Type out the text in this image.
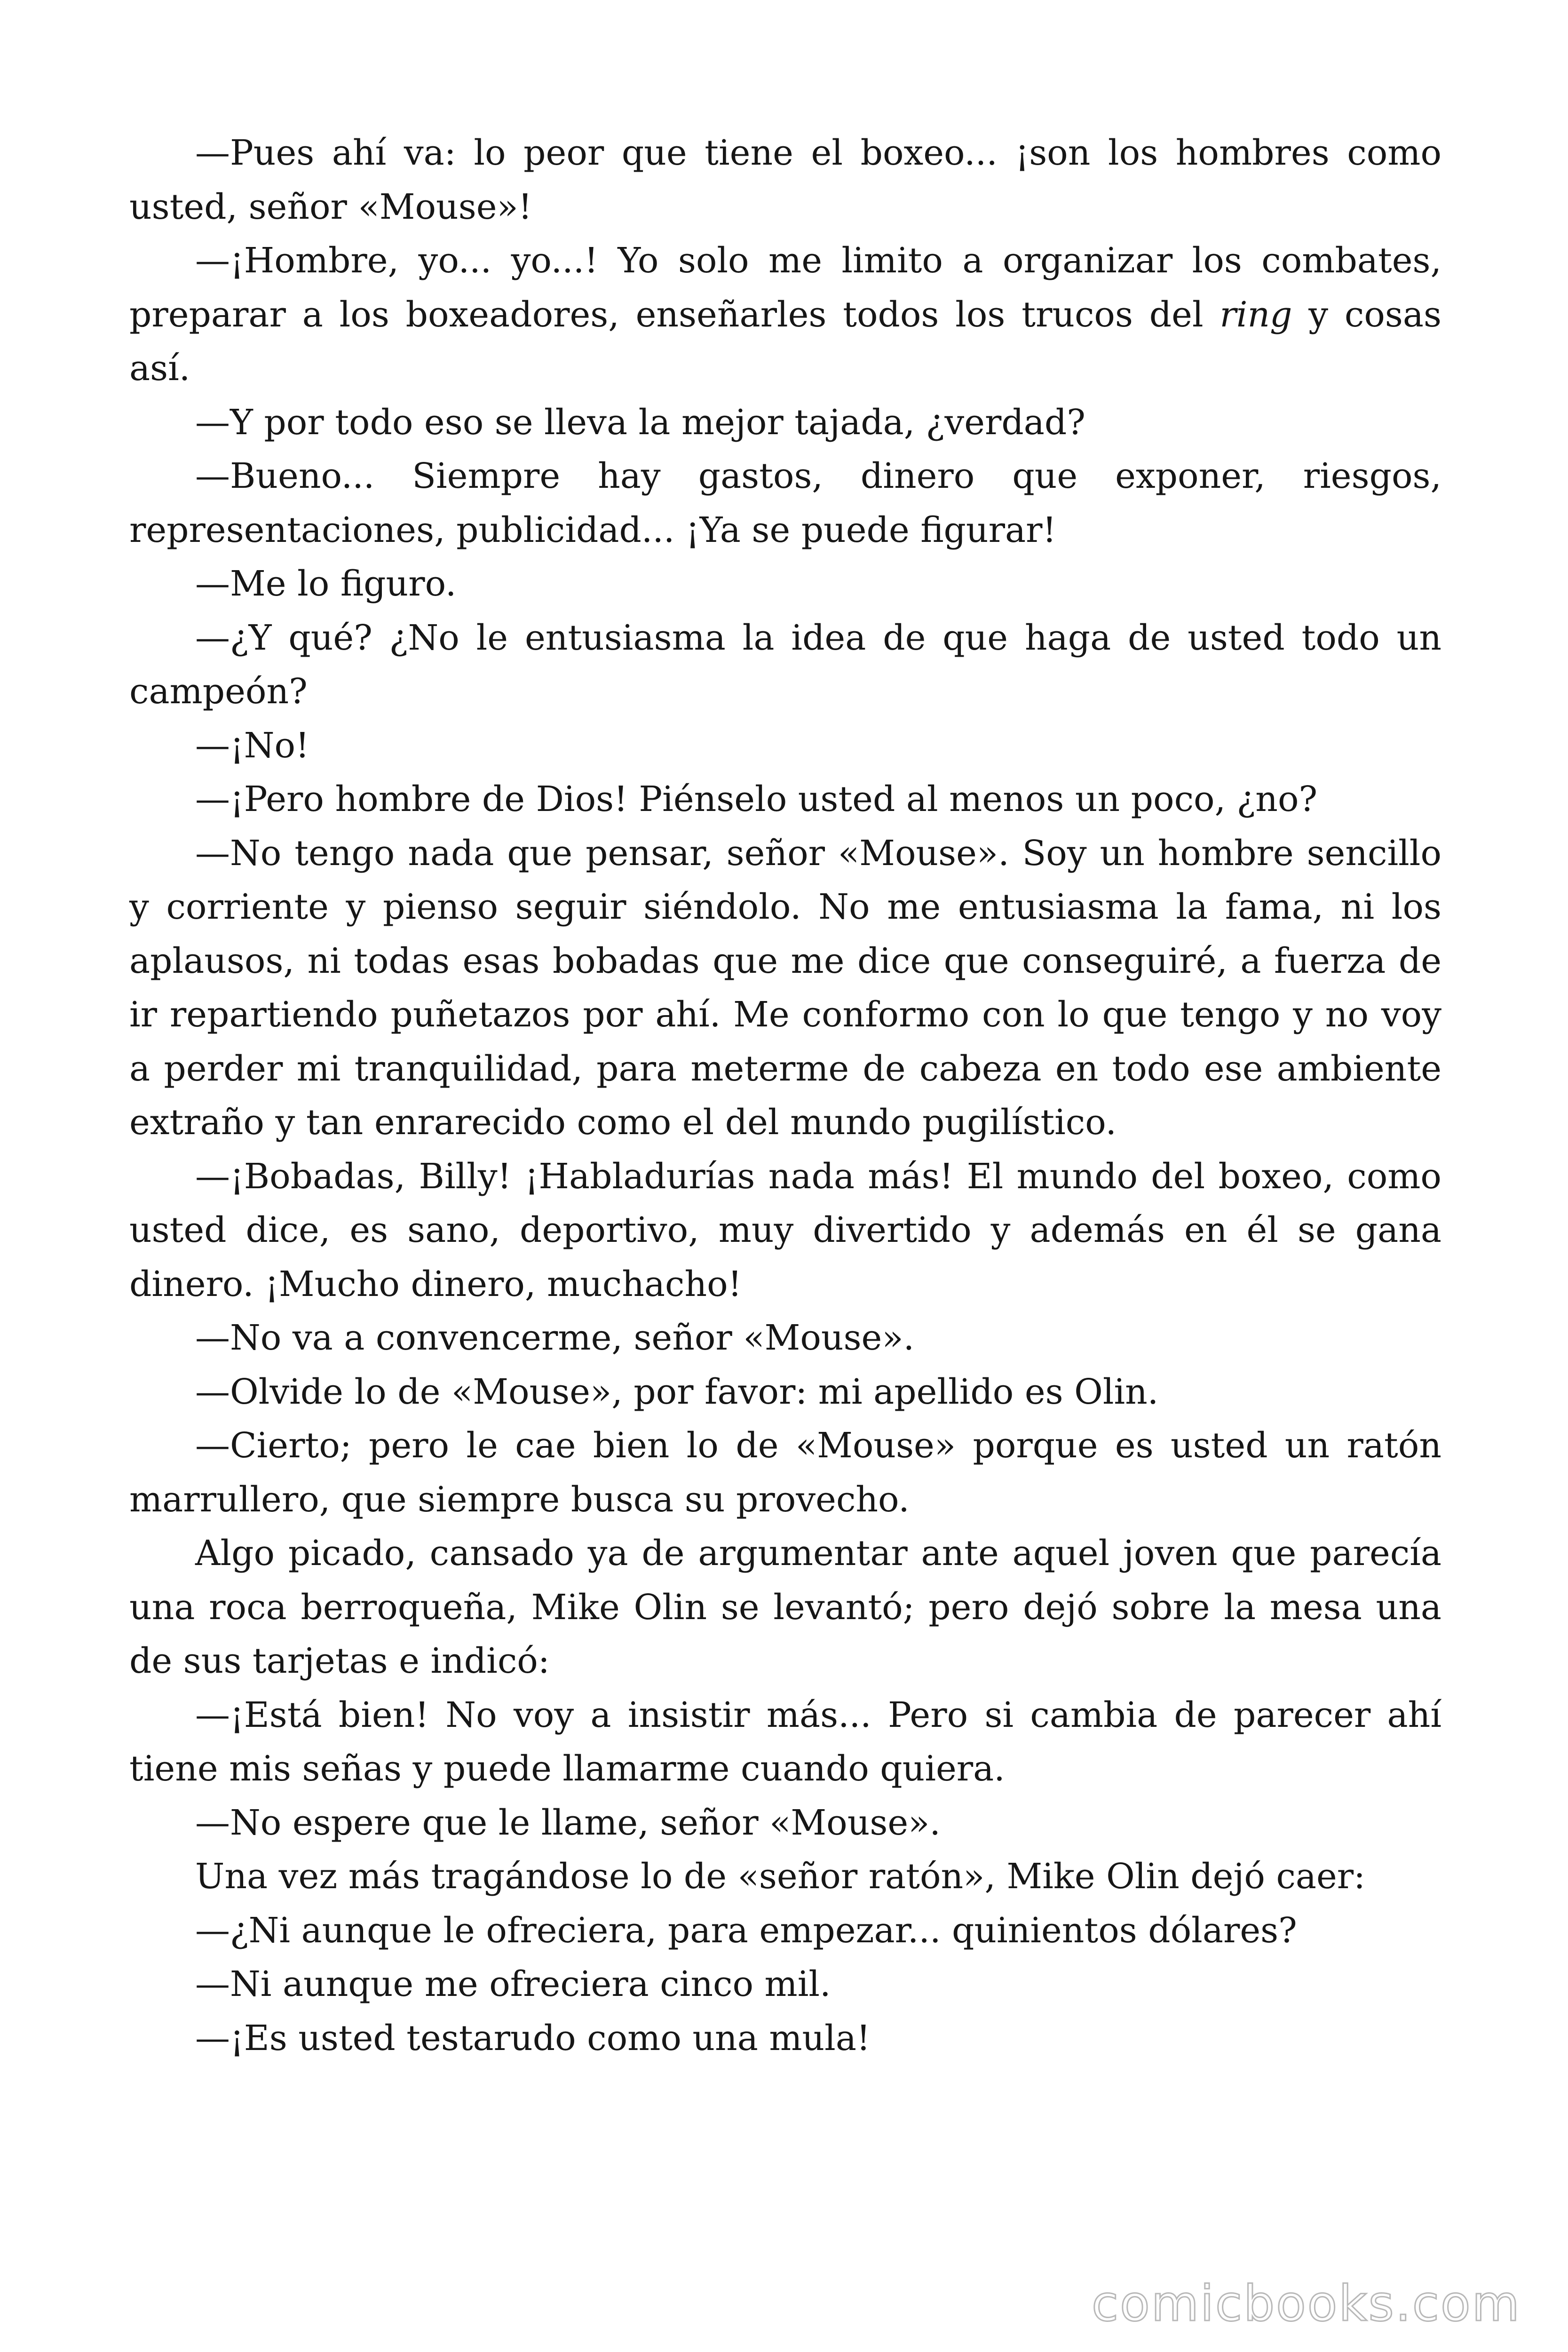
—Pues ahí va: lo peor que tiene el boxeo... ¡son los hombres como usted, señor «Mouse»!

—¡Hombre, yo... yo...! Yo solo me limito a organizar los combates, preparar a los boxeadores, enseñarles todos los trucos del ring y cosas así.

—Y por todo eso se lleva la mejor tajada, ¿verdad?

—Bueno... Siempre hay gastos, dinero que exponer, riesgos, representaciones, publicidad... ¡Ya se puede figurar!

—Me lo figuro.

—¿Y qué? ¿No le entusiasma la idea de que haga de usted todo un campeón?

—¡No!

—¡Pero hombre de Dios! Piénselo usted al menos un poco, ¿no?

—No tengo nada que pensar, señor «Mouse». Soy un hombre sencillo y corriente y pienso seguir siéndolo. No me entusiasma la fama, ni los aplausos, ni todas esas bobadas que me dice que conseguiré, a fuerza de ir repartiendo puñetazos por ahí. Me conformo con lo que tengo y no voy a perder mi tranquilidad, para meterme de cabeza en todo ese ambiente extraño y tan enrarecido como el del mundo pugilístico.

—¡Bobadas, Billy! ¡Habladurías nada más! El mundo del boxeo, como usted dice, es sano, deportivo, muy divertido y además en él se gana dinero. ¡Mucho dinero, muchacho!

—No va a convencerme, señor «Mouse».

—Olvide lo de «Mouse», por favor: mi apellido es Olin.

—Cierto; pero le cae bien lo de «Mouse» porque es usted un ratón marrullero, que siempre busca su provecho.

Algo picado, cansado ya de argumentar ante aquel joven que parecía una roca berroqueña, Mike Olin se levantó; pero dejó sobre la mesa una de sus tarjetas e indicó:

—¡Está bien! No voy a insistir más... Pero si cambia de parecer ahí tiene mis señas y puede llamarme cuando quiera.

—No espere que le llame, señor «Mouse».

Una vez más tragándose lo de «señor ratón», Mike Olin dejó caer:

—¿Ni aunque le ofreciera, para empezar... quinientos dólares?

—Ni aunque me ofreciera cinco mil.

—¡Es usted testarudo como una mula!

comicbooks.com
